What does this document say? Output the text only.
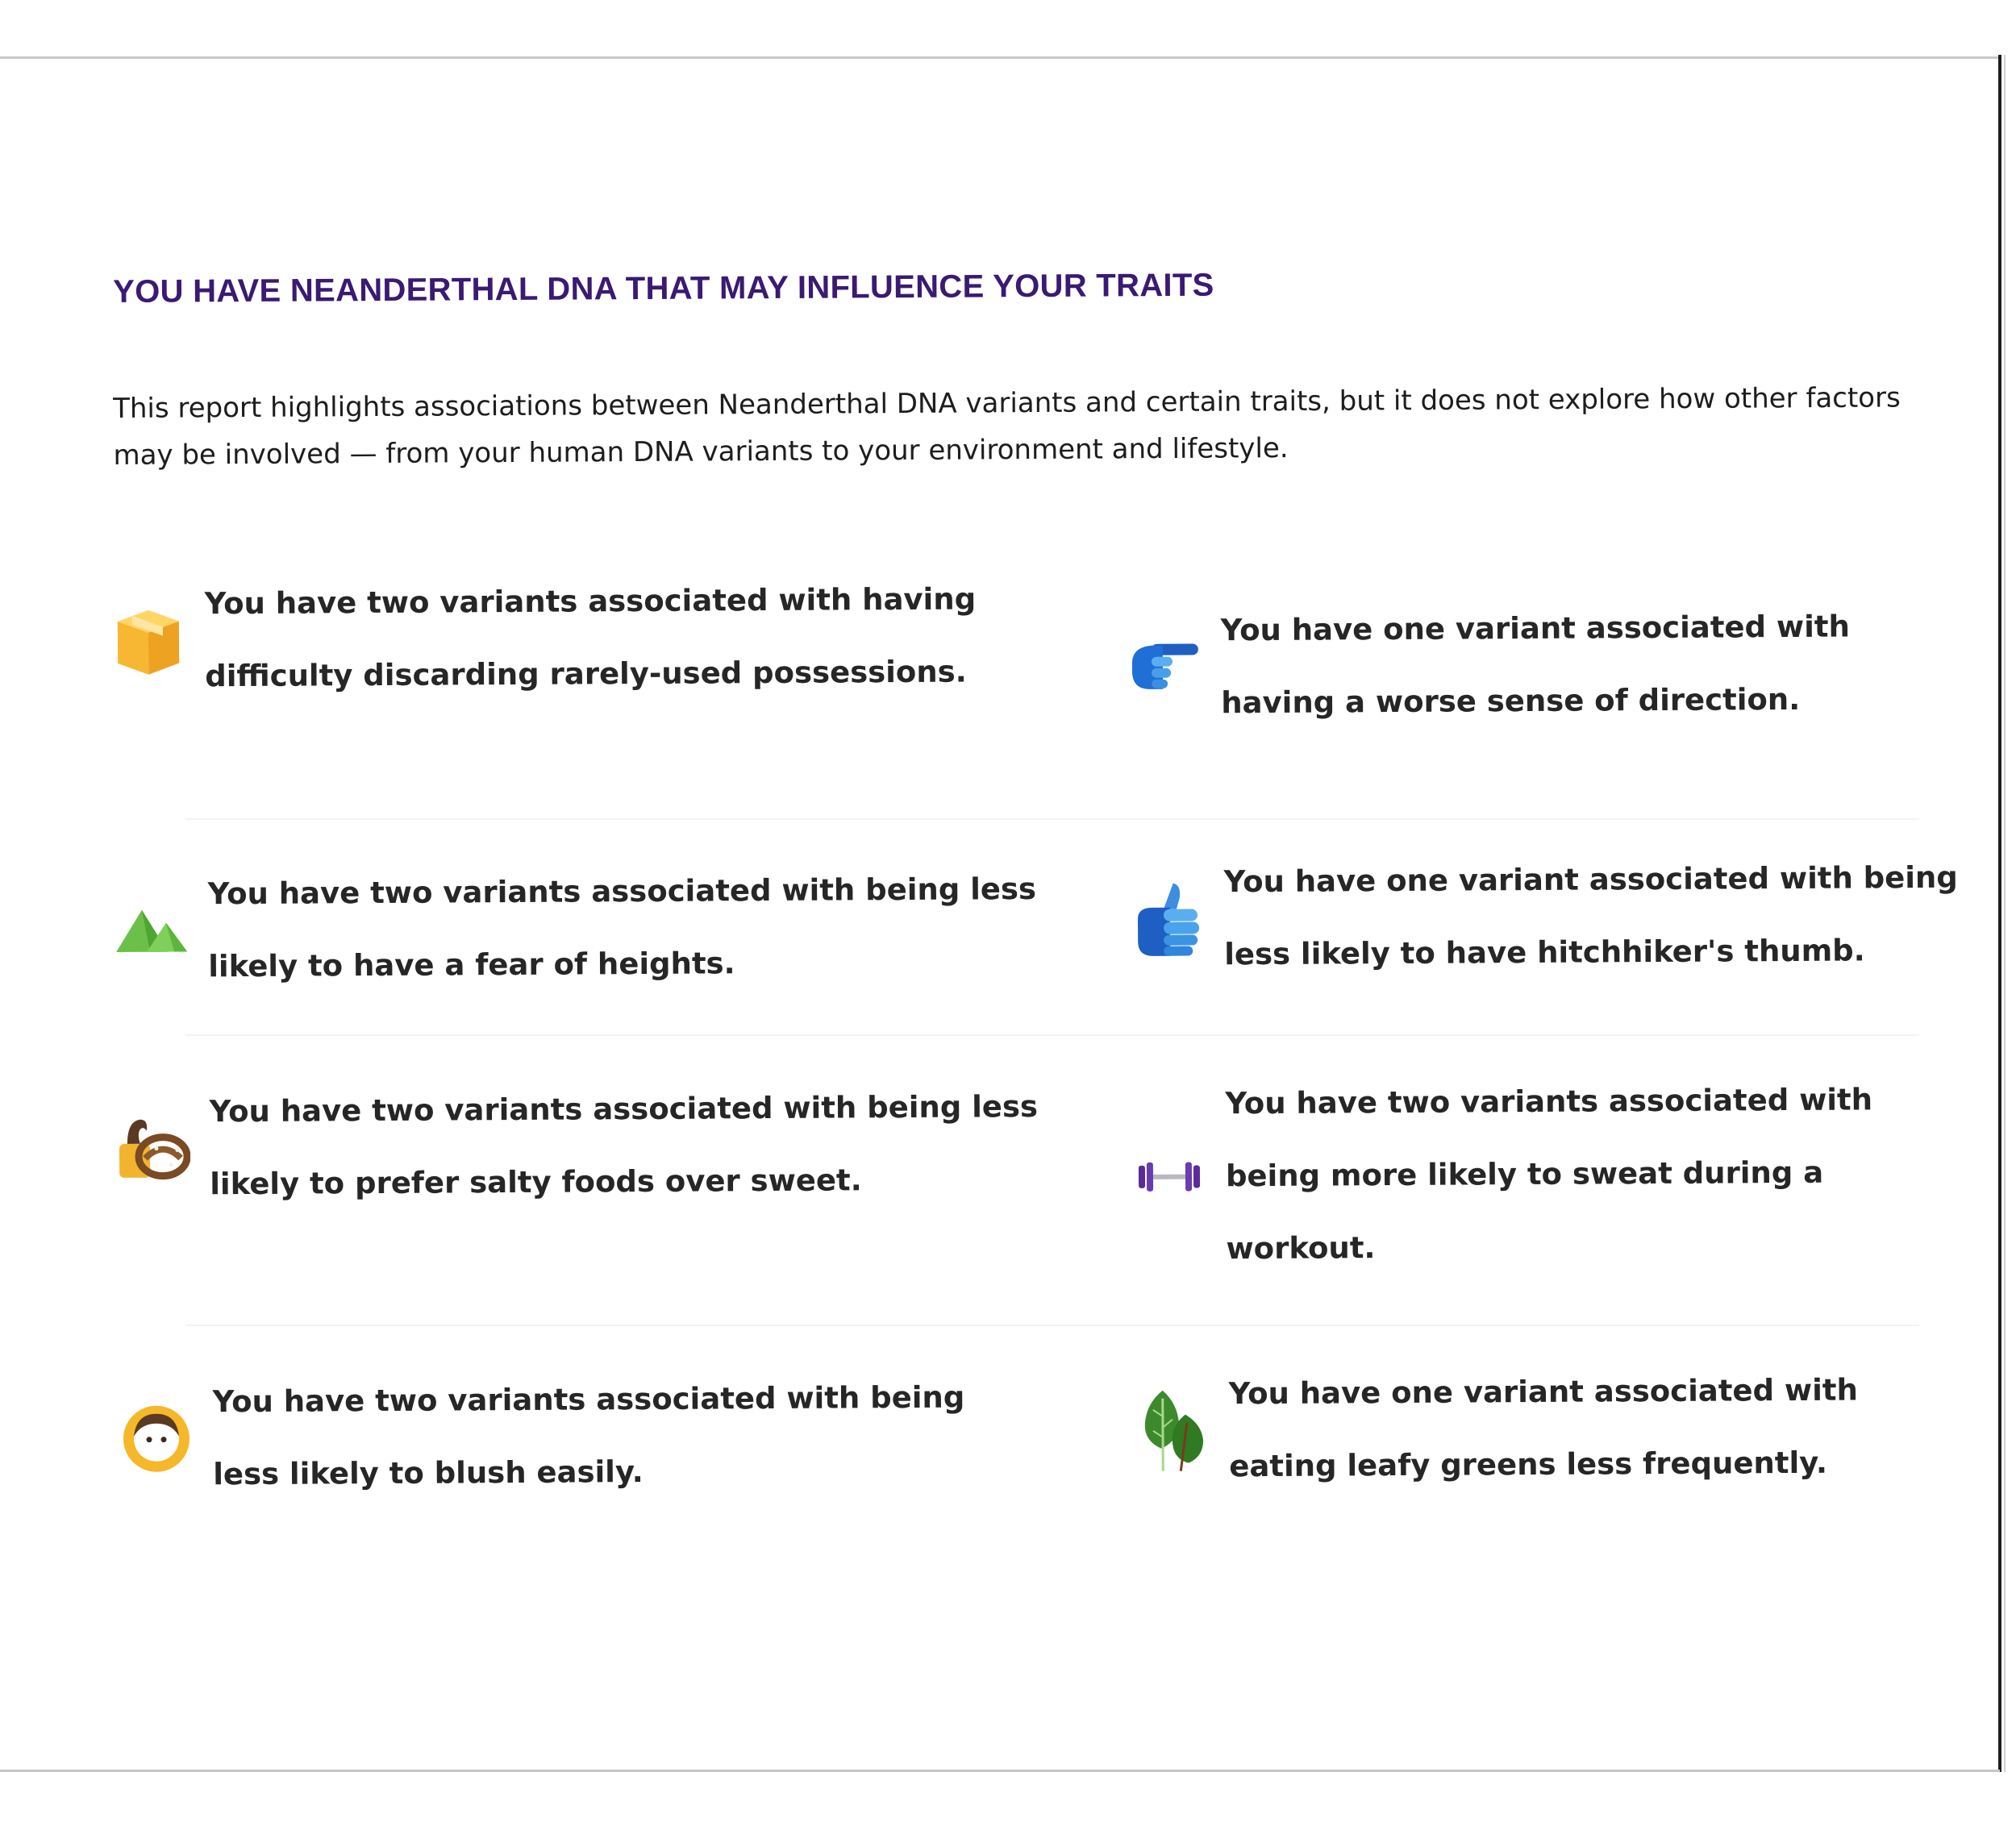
YOU HAVE NEANDERTHAL DNA THAT MAY INFLUENCE YOUR TRAITS
This report highlights associations between Neanderthal DNA variants and certain traits, but it does not explore how other factors may be involved — from your human DNA variants to your environment and lifestyle.
You have two variants associated with having difficulty discarding rarely-used possessions.
You have one variant associated with having a worse sense of direction.
You have two variants associated with being less likely to have a fear of heights.
You have one variant associated with being less likely to have hitchhiker's thumb.
You have two variants associated with being less likely to prefer salty foods over sweet.
You have two variants associated with being more likely to sweat during a workout.
You have two variants associated with being less likely to blush easily.
You have one variant associated with eating leafy greens less frequently.
